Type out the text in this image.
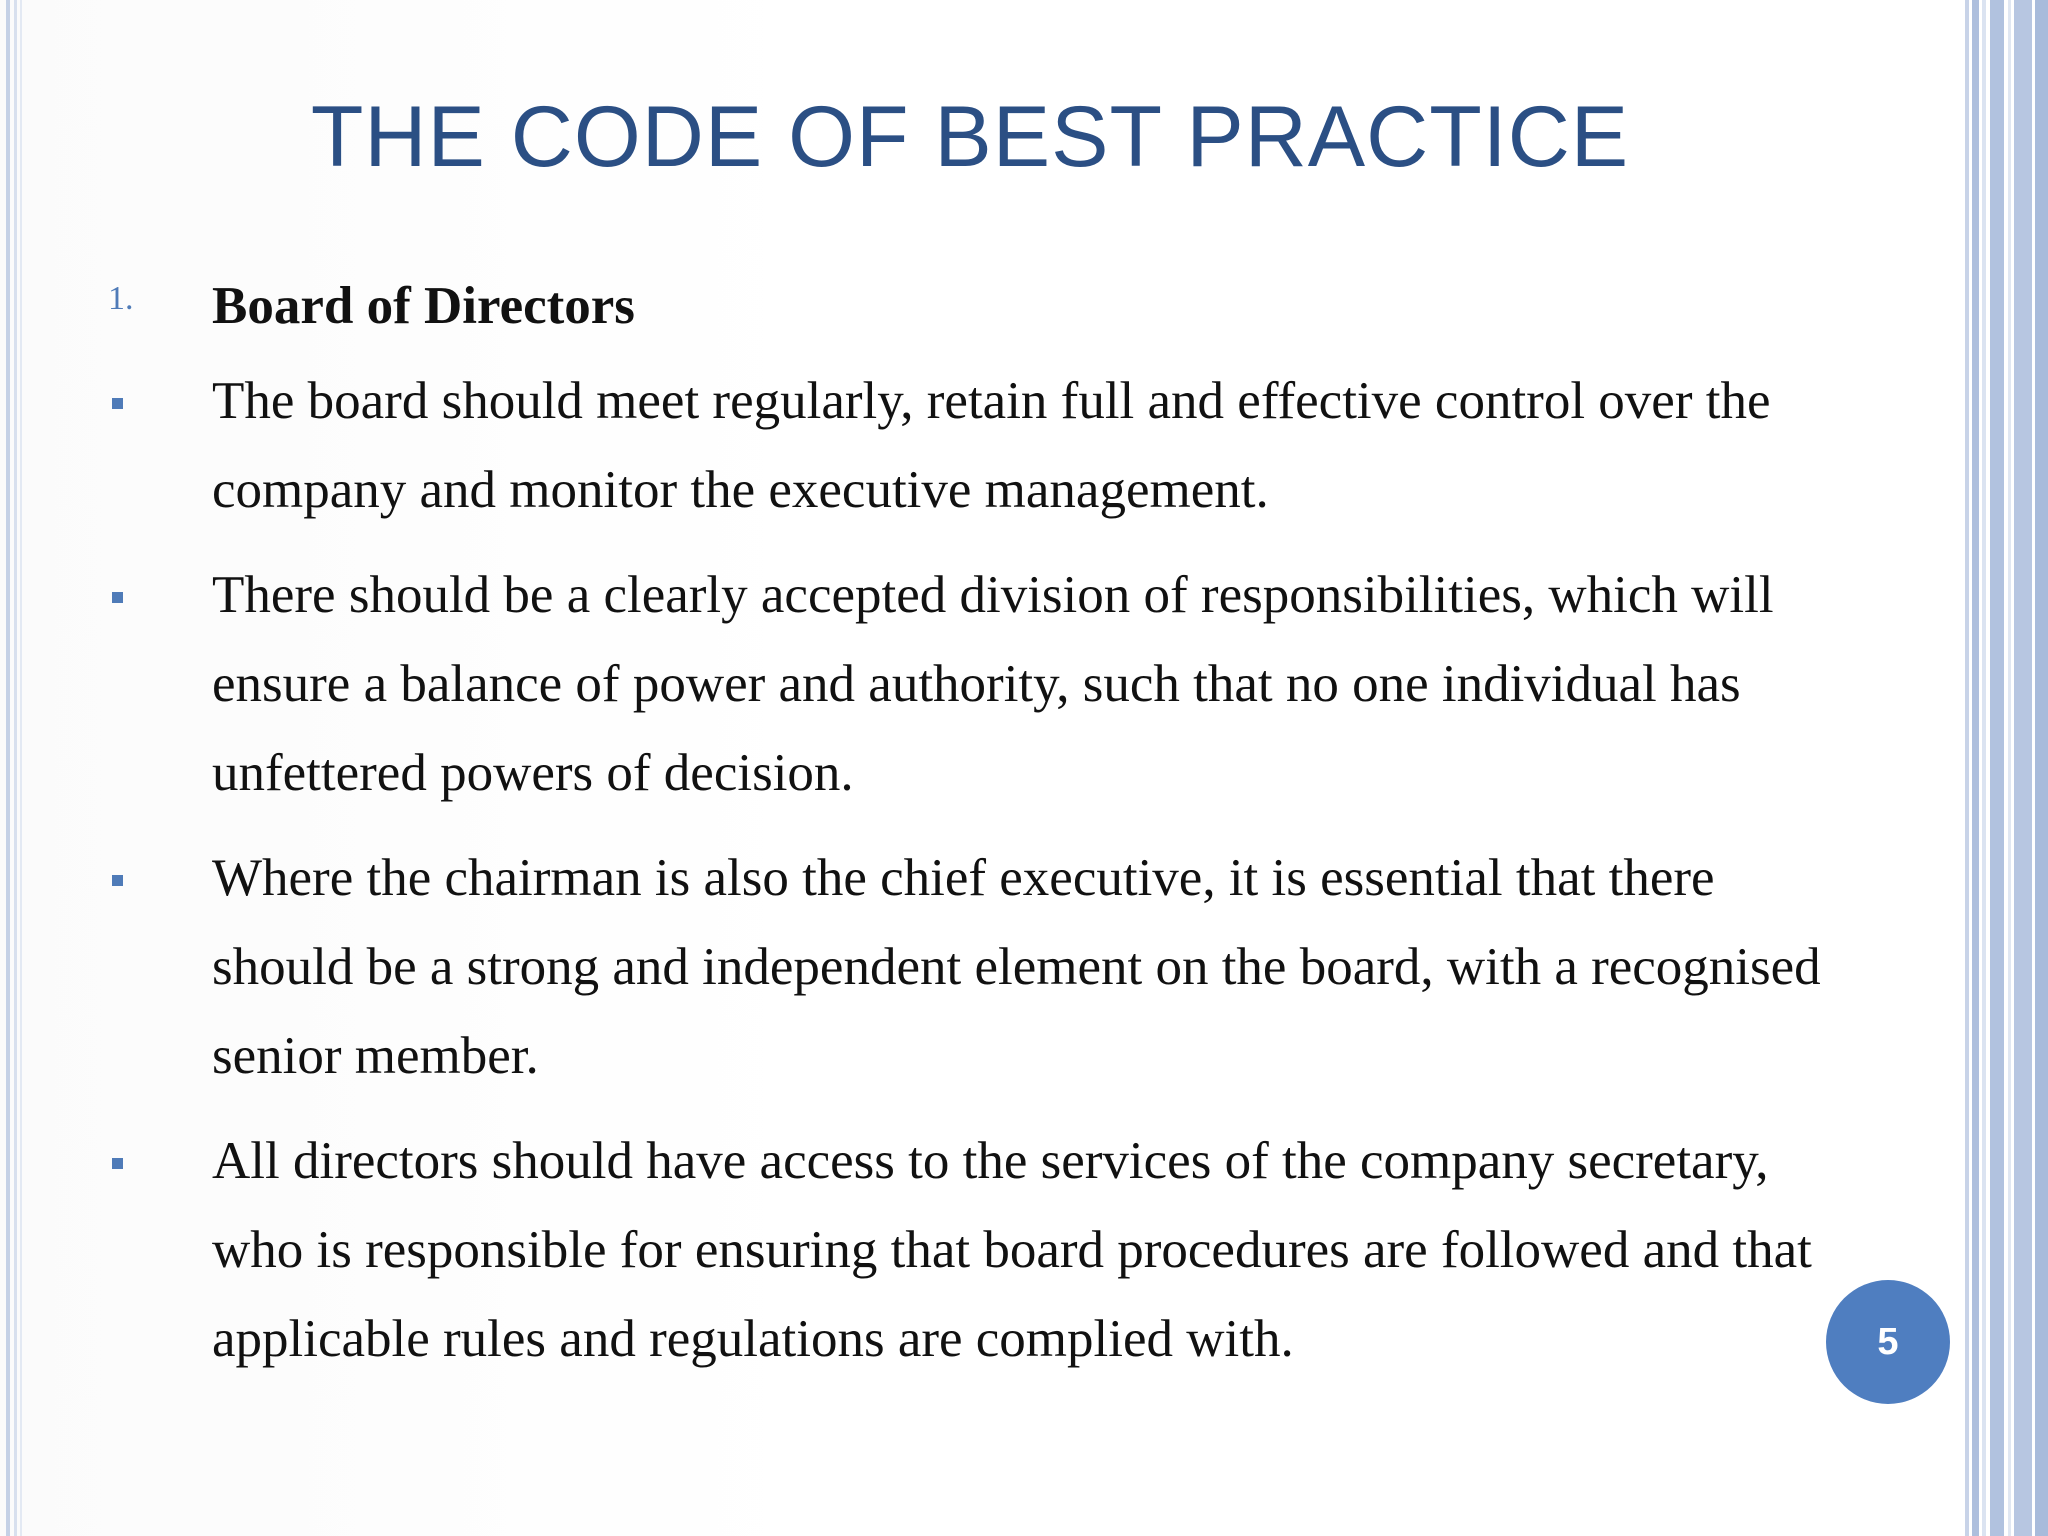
THE CODE OF BEST PRACTICE
1. Board of Directors
The board should meet regularly, retain full and effective control over the company and monitor the executive management.
There should be a clearly accepted division of responsibilities, which will ensure a balance of power and authority, such that no one individual has unfettered powers of decision.
Where the chairman is also the chief executive, it is essential that there should be a strong and independent element on the board, with a recognised senior member.
All directors should have access to the services of the company secretary, who is responsible for ensuring that board procedures are followed and that applicable rules and regulations are complied with.	5
